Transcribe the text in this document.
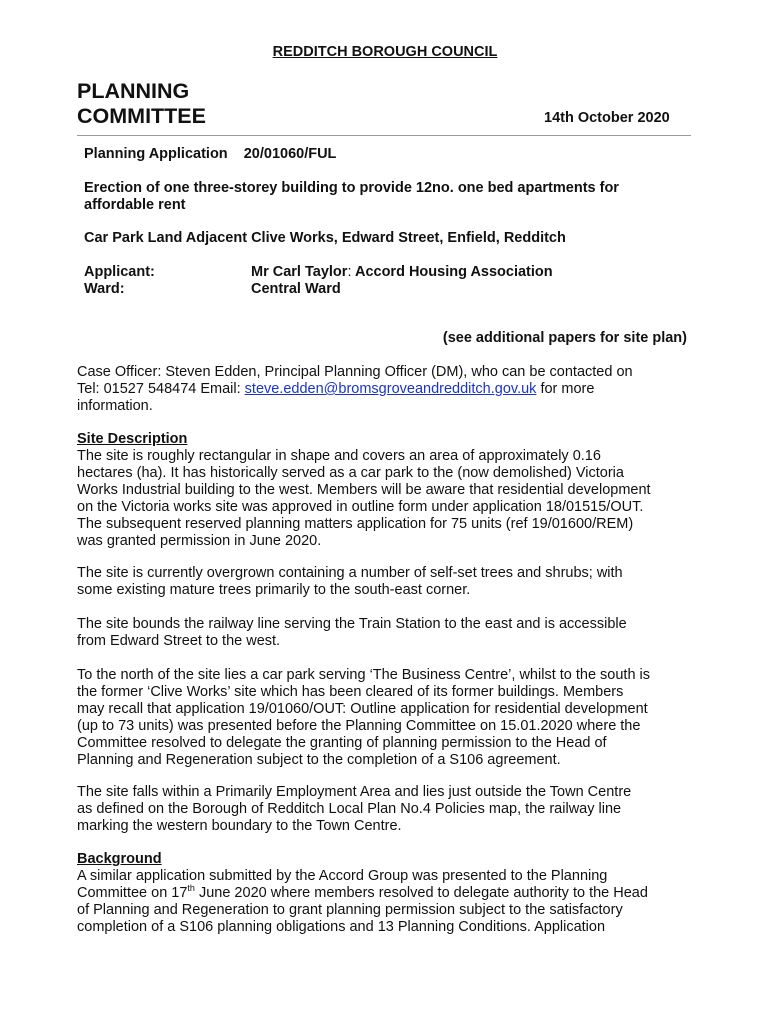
REDDITCH BOROUGH COUNCIL
PLANNING
COMMITTEE	14th October 2020
Planning Application 20/01060/FUL
Erection of one three-storey building to provide 12no. one bed apartments for
affordable rent
Car Park Land Adjacent Clive Works, Edward Street, Enfield, Redditch
Applicant:	Mr Carl Taylor: Accord Housing Association
Ward:	Central Ward
(see additional papers for site plan)
Case Officer: Steven Edden, Principal Planning Officer (DM), who can be contacted on
Tel: 01527 548474 Email: steve.edden@bromsgroveandredditch.gov.uk for more
information.
Site Description
The site is roughly rectangular in shape and covers an area of approximately 0.16
hectares (ha). It has historically served as a car park to the (now demolished) Victoria
Works Industrial building to the west. Members will be aware that residential development
on the Victoria works site was approved in outline form under application 18/01515/OUT.
The subsequent reserved planning matters application for 75 units (ref 19/01600/REM)
was granted permission in June 2020.
The site is currently overgrown containing a number of self-set trees and shrubs; with
some existing mature trees primarily to the south-east corner.
The site bounds the railway line serving the Train Station to the east and is accessible
from Edward Street to the west.
To the north of the site lies a car park serving ‘The Business Centre’, whilst to the south is
the former ‘Clive Works’ site which has been cleared of its former buildings. Members
may recall that application 19/01060/OUT: Outline application for residential development
(up to 73 units) was presented before the Planning Committee on 15.01.2020 where the
Committee resolved to delegate the granting of planning permission to the Head of
Planning and Regeneration subject to the completion of a S106 agreement.
The site falls within a Primarily Employment Area and lies just outside the Town Centre
as defined on the Borough of Redditch Local Plan No.4 Policies map, the railway line
marking the western boundary to the Town Centre.
Background
A similar application submitted by the Accord Group was presented to the Planning
Committee on 17th June 2020 where members resolved to delegate authority to the Head
of Planning and Regeneration to grant planning permission subject to the satisfactory
completion of a S106 planning obligations and 13 Planning Conditions. Application
